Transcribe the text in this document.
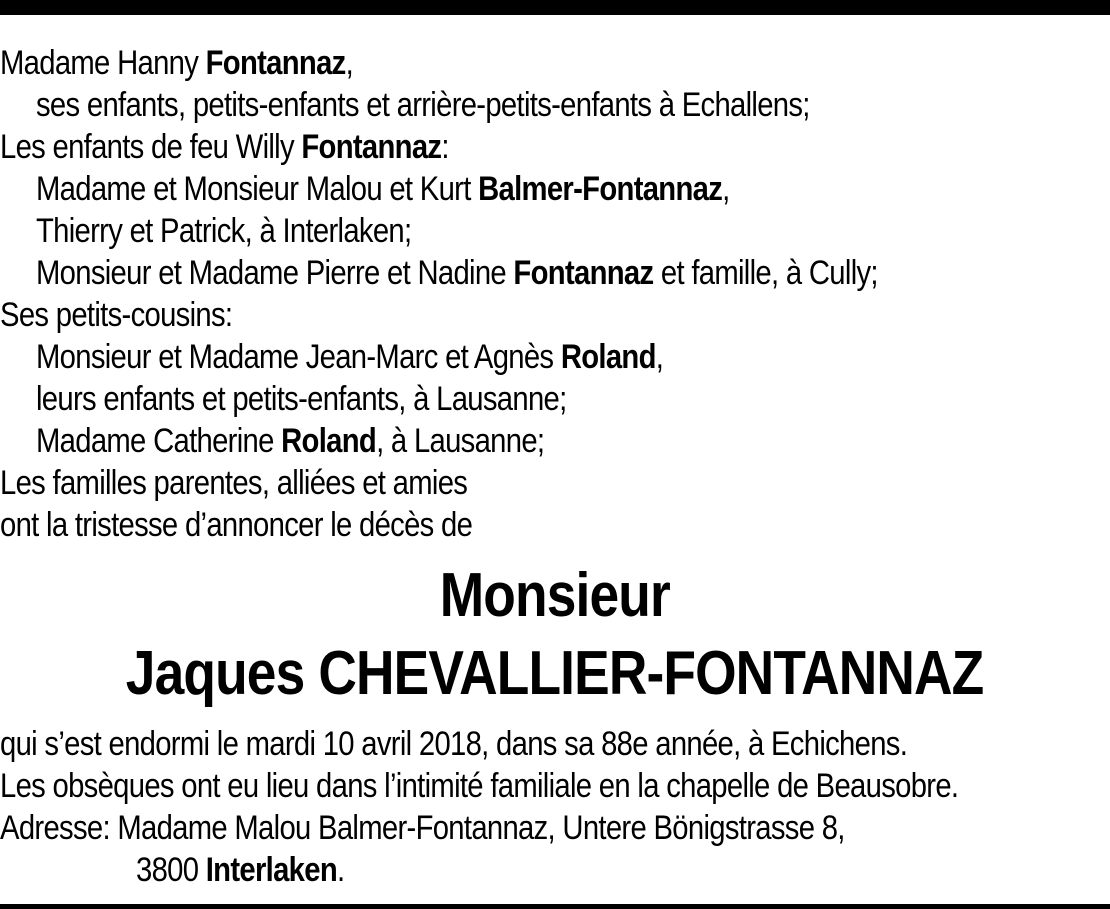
Madame Hanny Fontannaz,
ses enfants, petits-enfants et arrière-petits-enfants à Echallens;
Les enfants de feu Willy Fontannaz:
Madame et Monsieur Malou et Kurt Balmer-Fontannaz,
Thierry et Patrick, à Interlaken;
Monsieur et Madame Pierre et Nadine Fontannaz et famille, à Cully;
Ses petits-cousins:
Monsieur et Madame Jean-Marc et Agnès Roland,
leurs enfants et petits-enfants, à Lausanne;
Madame Catherine Roland, à Lausanne;
Les familles parentes, alliées et amies
ont la tristesse d’annoncer le décès de
Monsieur
Jaques CHEVALLIER-FONTANNAZ
qui s’est endormi le mardi 10 avril 2018, dans sa 88e année, à Echichens.
Les obsèques ont eu lieu dans l’intimité familiale en la chapelle de Beausobre.
Adresse: Madame Malou Balmer-Fontannaz, Untere Bönigstrasse 8,
3800 Interlaken.
